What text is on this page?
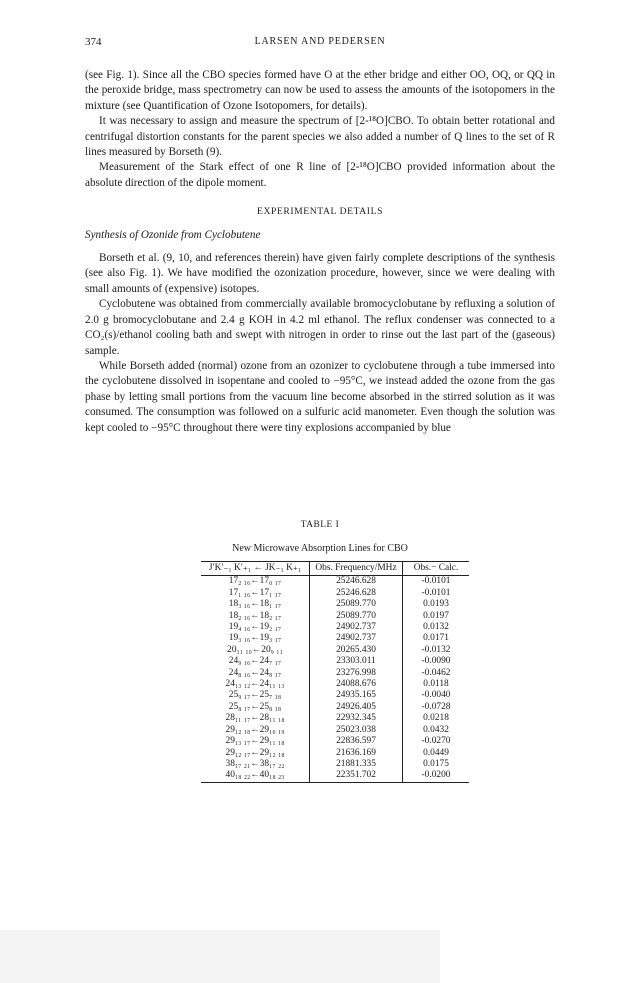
374	LARSEN AND PEDERSEN

(see Fig. 1). Since all the CBO species formed have O at the ether bridge and either OO, OQ, or QQ in the peroxide bridge, mass spectrometry can now be used to assess the amounts of the isotopomers in the mixture (see Quantification of Ozone Isotopomers, for details).

It was necessary to assign and measure the spectrum of [2-¹⁸O]CBO. To obtain better rotational and centrifugal distortion constants for the parent species we also added a number of Q lines to the set of R lines measured by Borseth (9).

Measurement of the Stark effect of one R line of [2-¹⁸O]CBO provided information about the absolute direction of the dipole moment.

EXPERIMENTAL DETAILS
Synthesis of Ozonide from Cyclobutene

Borseth et al. (9, 10, and references therein) have given fairly complete descriptions of the synthesis (see also Fig. 1). We have modified the ozonization procedure, however, since we were dealing with small amounts of (expensive) isotopes.

Cyclobutene was obtained from commercially available bromocyclobutane by refluxing a solution of 2.0 g bromocyclobutane and 2.4 g KOH in 4.2 ml ethanol. The reflux condenser was connected to a CO₂(s)/ethanol cooling bath and swept with nitrogen in order to rinse out the last part of the (gaseous) sample.

While Borseth added (normal) ozone from an ozonizer to cyclobutene through a tube immersed into the cyclobutene dissolved in isopentane and cooled to −95°C, we instead added the ozone from the gas phase by letting small portions from the vacuum line become absorbed in the stirred solution as it was consumed. The consumption was followed on a sulfuric acid manometer. Even though the solution was kept cooled to −95°C throughout there were tiny explosions accompanied by blue

TABLE I
New Microwave Absorption Lines for CBO
J′K′₋₁ K′₊₁ ← JK₋₁ K₊₁	Obs. Frequency/MHz	Obs.− Calc.
17₂ ₁₆←17₀ ₁₇	25246.628	-0.0101
17₁ ₁₆←17₁ ₁₇	25246.628	-0.0101
18₃ ₁₆←18₁ ₁₇	25089.770	0.0193
18₂ ₁₆←18₂ ₁₇	25089.770	0.0197
19₄ ₁₆←19₂ ₁₇	24902.737	0.0132
19₃ ₁₆←19₃ ₁₇	24902.737	0.0171
20₁₁ ₁₀←20₉ ₁₁	20265.430	-0.0132
24₉ ₁₆←24₇ ₁₇	23303.011	-0.0090
24₈ ₁₆←24₈ ₁₇	23276.998	-0.0462
24₁₃ ₁₂←24₁₁ ₁₃	24088.676	0.0118
25₉ ₁₇←25₇ ₁₈	24935.165	-0.0040
25₈ ₁₇←25₈ ₁₈	24926.405	-0.0728
28₁₁ ₁₇←28₁₁ ₁₈	22932.345	0.0218
29₁₂ ₁₈←29₁₀ ₁₉	25023.038	0.0432
29₁₃ ₁₇←29₁₁ ₁₈	22836.597	-0.0270
29₁₂ ₁₇←29₁₂ ₁₈	21636.169	0.0449
38₁₇ ₂₁←38₁₇ ₂₂	21881.335	0.0175
40₁₈ ₂₂←40₁₈ ₂₃	22351.702	-0.0200
